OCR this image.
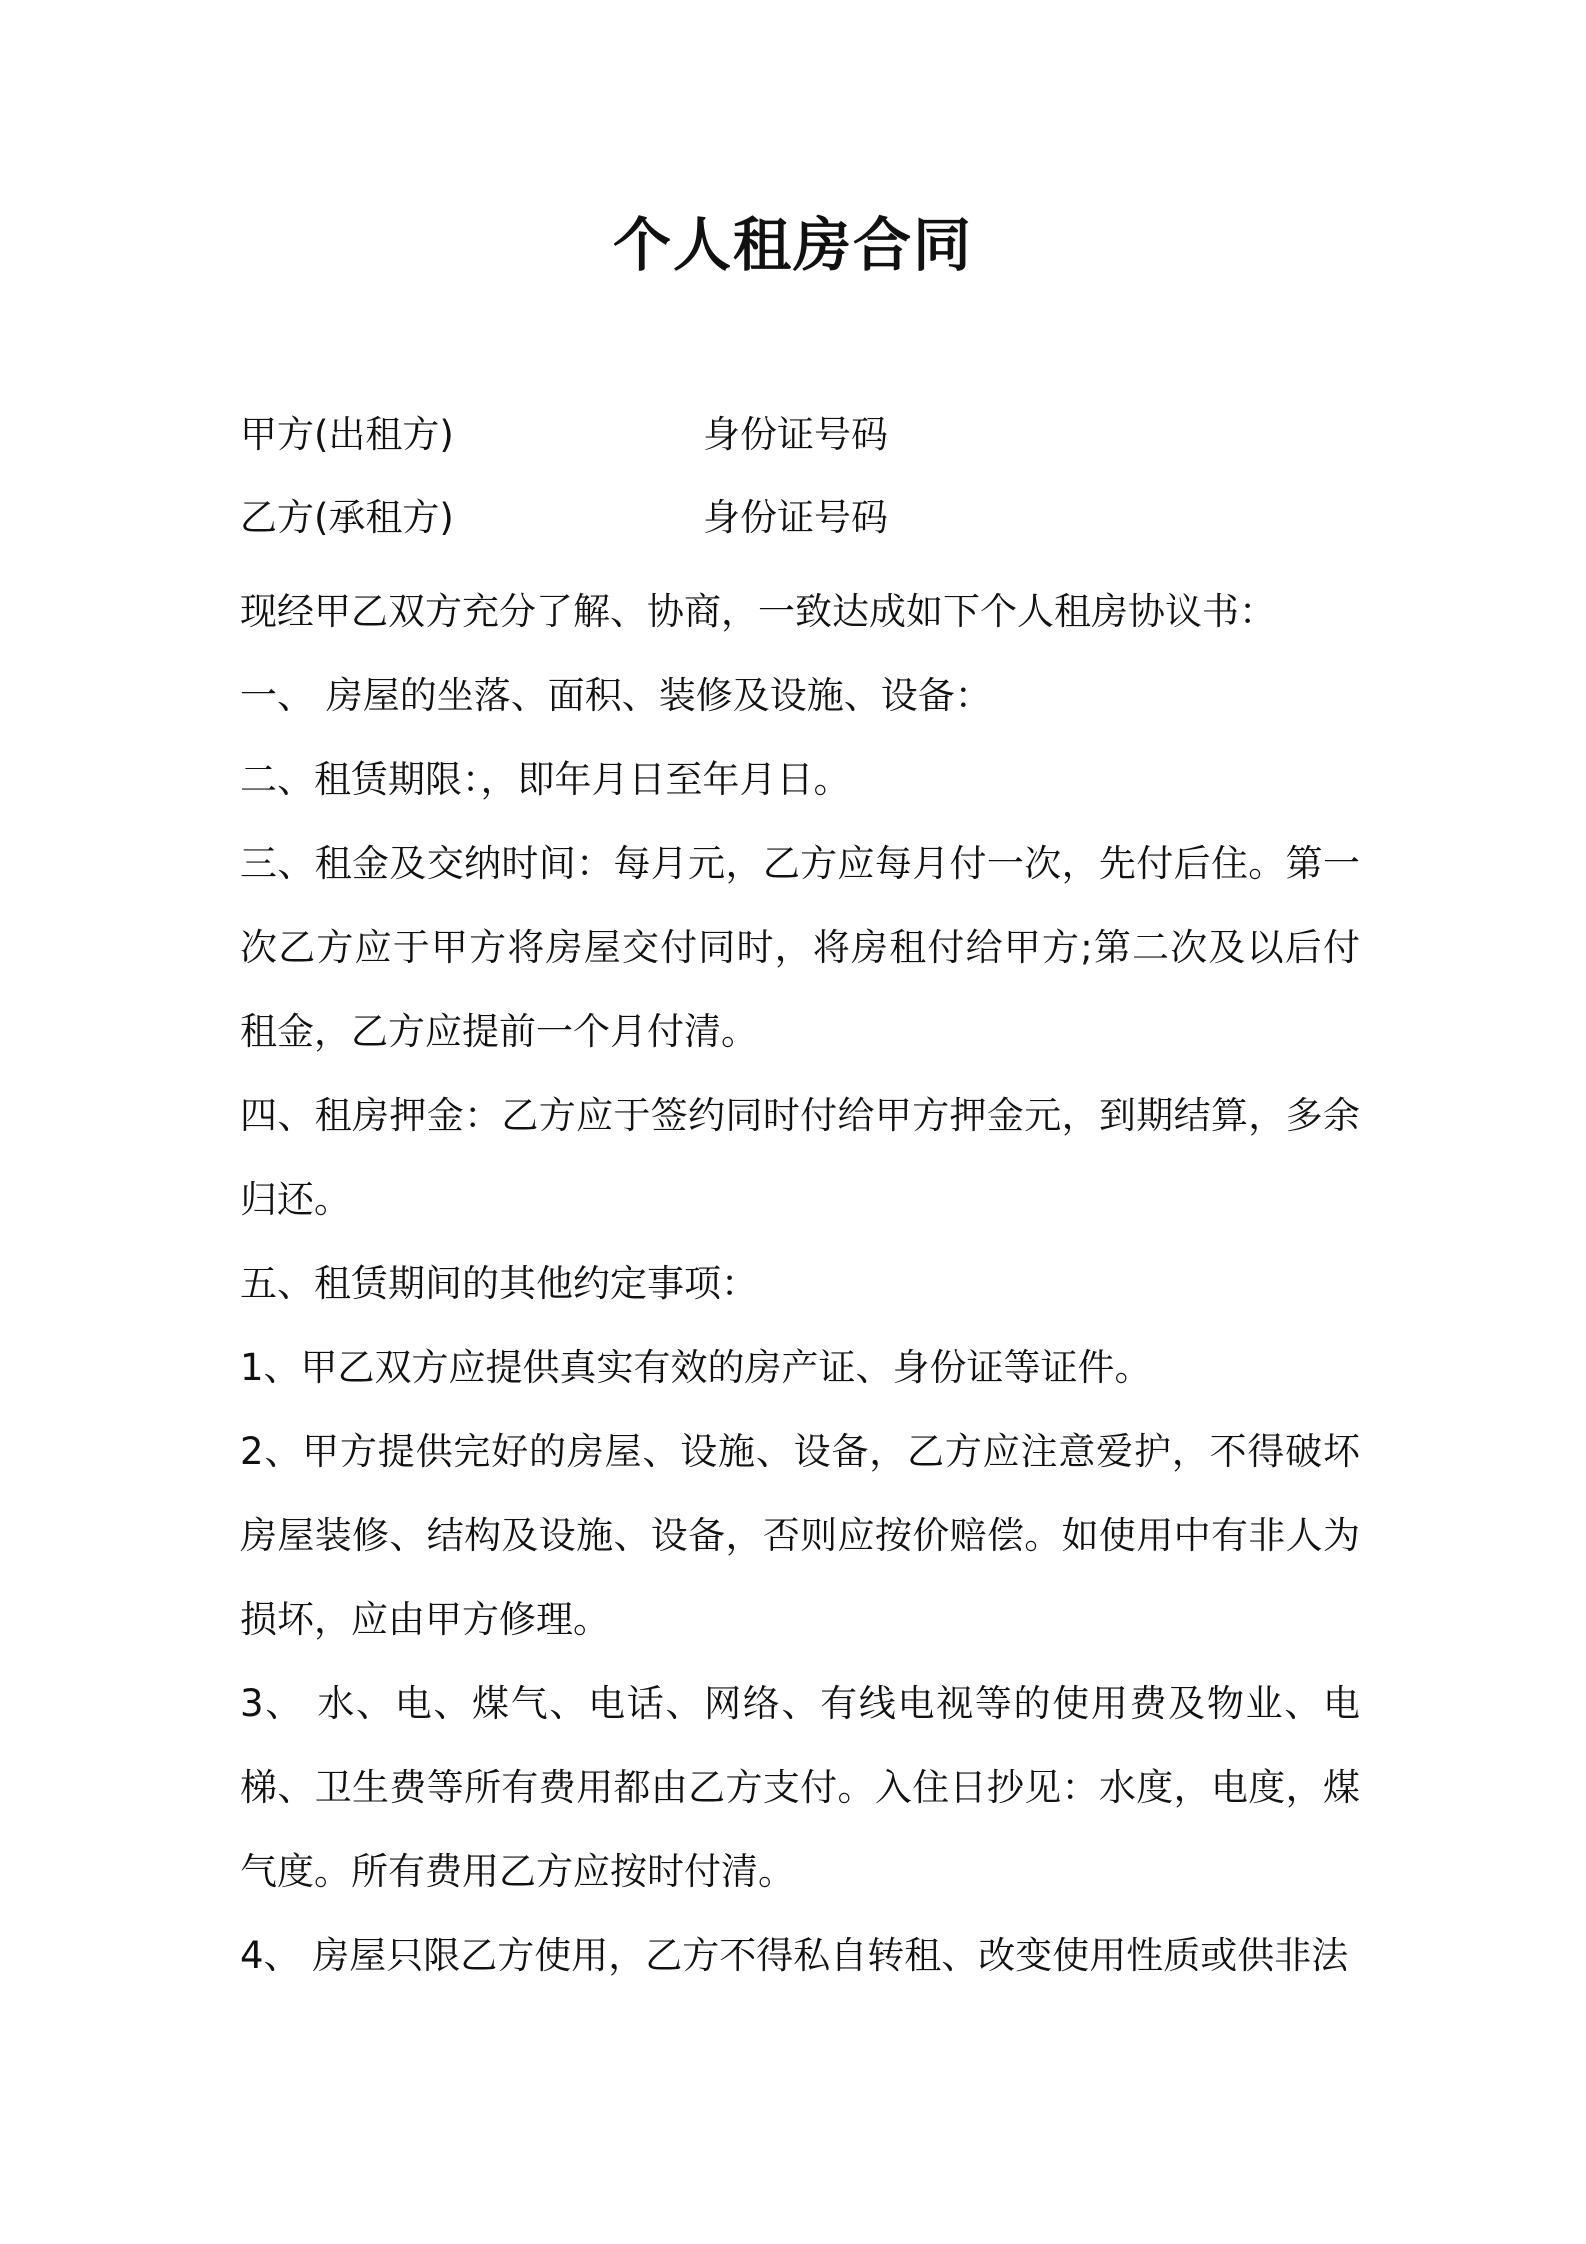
个人租房合同
甲方(出租方)	身份证号码
乙方(承租方)	身份证号码

现经甲乙双方充分了解、协商，一致达成如下个人租房协议书：

一、 房屋的坐落、面积、装修及设施、设备：

二、租赁期限：，即年月日至年月日。

三、租金及交纳时间：每月元，乙方应每月付一次，先付后住。第一次乙方应于甲方将房屋交付同时，将房租付给甲方;第二次及以后付租金，乙方应提前一个月付清。

四、租房押金：乙方应于签约同时付给甲方押金元，到期结算，多余归还。

五、租赁期间的其他约定事项：

1、甲乙双方应提供真实有效的房产证、身份证等证件。

2、甲方提供完好的房屋、设施、设备，乙方应注意爱护，不得破坏房屋装修、结构及设施、设备，否则应按价赔偿。如使用中有非人为损坏，应由甲方修理。

3、 水、电、煤气、电话、网络、有线电视等的使用费及物业、电梯、卫生费等所有费用都由乙方支付。入住日抄见：水度，电度，煤气度。所有费用乙方应按时付清。

4、 房屋只限乙方使用，乙方不得私自转租、改变使用性质或供非法
